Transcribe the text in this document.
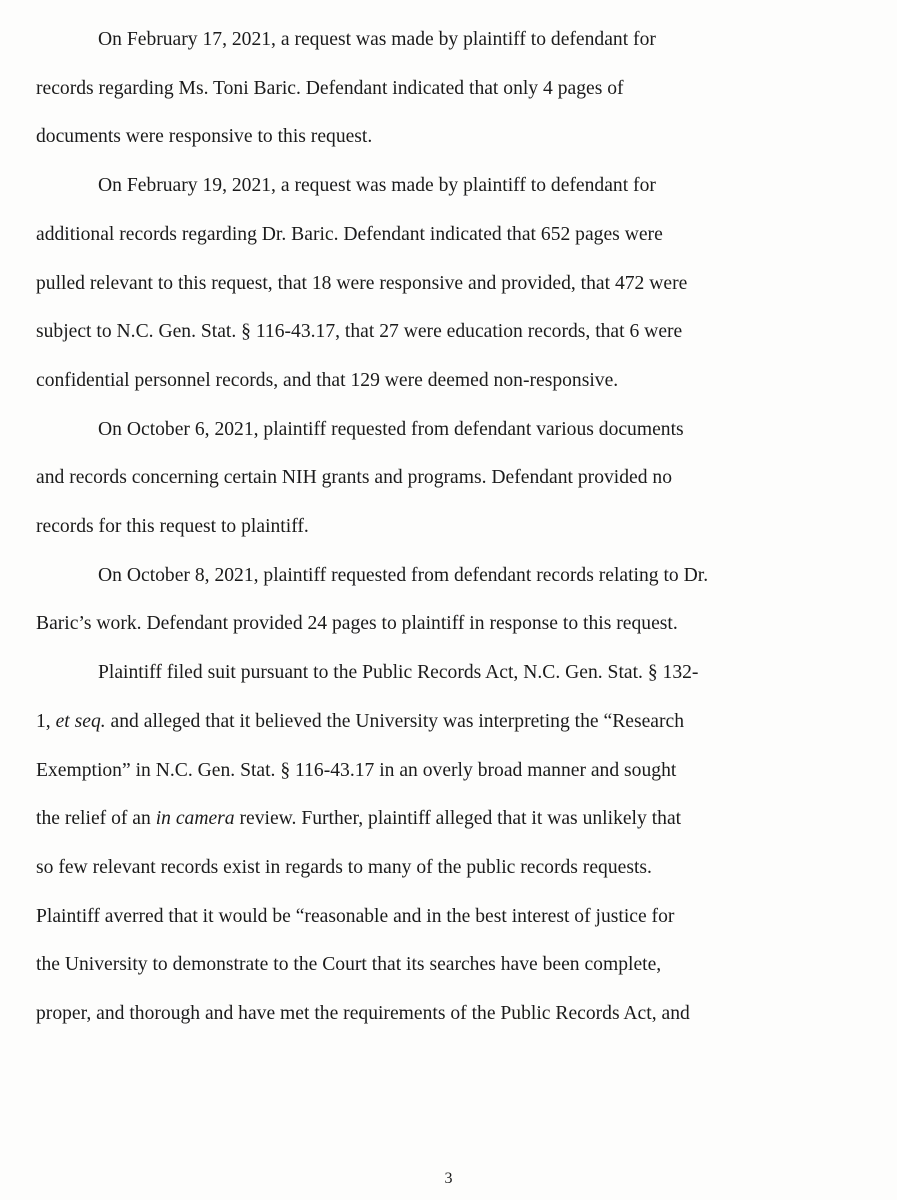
On February 17, 2021, a request was made by plaintiff to defendant for
records regarding Ms. Toni Baric. Defendant indicated that only 4 pages of
documents were responsive to this request.
On February 19, 2021, a request was made by plaintiff to defendant for
additional records regarding Dr. Baric. Defendant indicated that 652 pages were
pulled relevant to this request, that 18 were responsive and provided, that 472 were
subject to N.C. Gen. Stat. § 116-43.17, that 27 were education records, that 6 were
confidential personnel records, and that 129 were deemed non-responsive.
On October 6, 2021, plaintiff requested from defendant various documents
and records concerning certain NIH grants and programs. Defendant provided no
records for this request to plaintiff.
On October 8, 2021, plaintiff requested from defendant records relating to Dr.
Baric’s work. Defendant provided 24 pages to plaintiff in response to this request.
Plaintiff filed suit pursuant to the Public Records Act, N.C. Gen. Stat. § 132-
1, et seq. and alleged that it believed the University was interpreting the “Research
Exemption” in N.C. Gen. Stat. § 116-43.17 in an overly broad manner and sought
the relief of an in camera review. Further, plaintiff alleged that it was unlikely that
so few relevant records exist in regards to many of the public records requests.
Plaintiff averred that it would be “reasonable and in the best interest of justice for
the University to demonstrate to the Court that its searches have been complete,
proper, and thorough and have met the requirements of the Public Records Act, and
3
